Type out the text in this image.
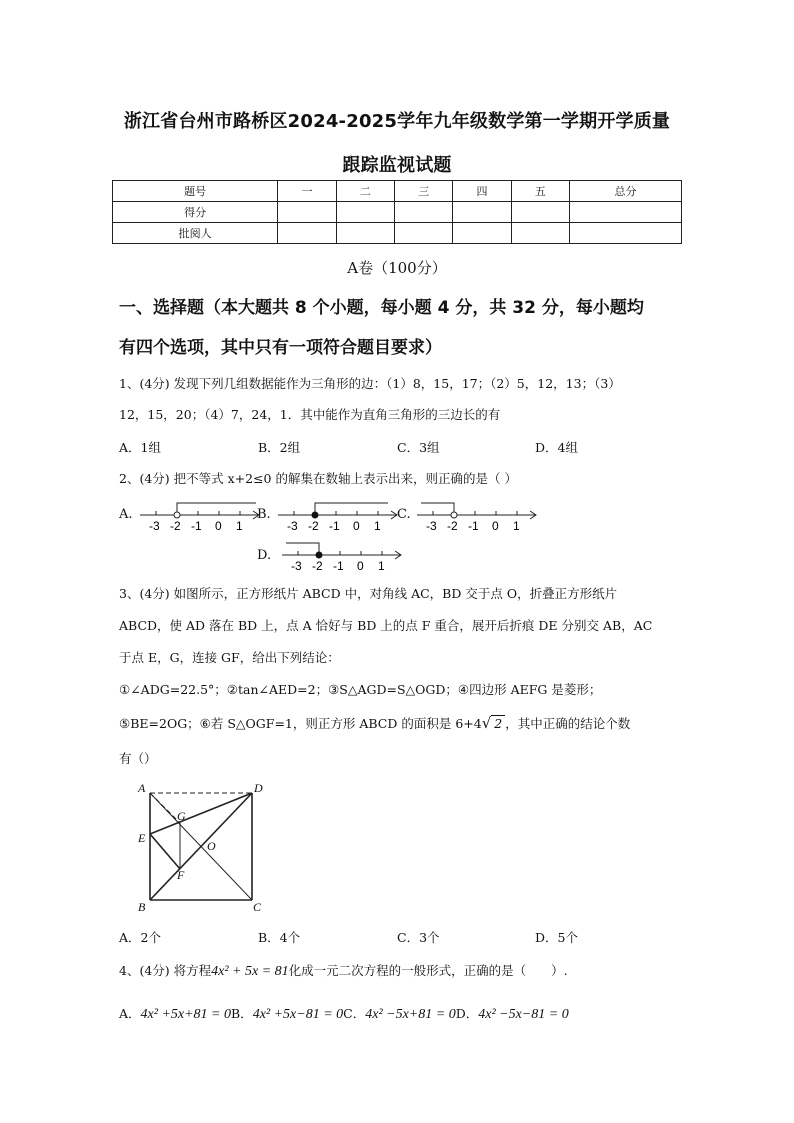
浙江省台州市路桥区2024-2025学年九年级数学第一学期开学质量
跟踪监视试题
题号	一	二	三	四	五	总分
得分						
批阅人						
A卷（100分）
一、选择题（本大题共 8 个小题，每小题 4 分，共 32 分，每小题均
有四个选项，其中只有一项符合题目要求）
1、(4分) 发现下列几组数据能作为三角形的边：（1）8，15，17；（2）5，12，13；（3）
12，15，20；（4）7，24，1．其中能作为直角三角形的三边长的有
A．1组	B．2组	C．3组	D．4组
2、(4分) 把不等式 x+2≤0 的解集在数轴上表示出来，则正确的是（ ）
A.	B.	C.
D.
-3 -2 -1 0 1	-3 -2 -1 0 1	-3 -2 -1 0 1
-3 -2 -1 0 1
3、(4分) 如图所示，正方形纸片 ABCD 中，对角线 AC，BD 交于点 O，折叠正方形纸片
ABCD，使 AD 落在 BD 上，点 A 恰好与 BD 上的点 F 重合，展开后折痕 DE 分别交 AB，AC
于点 E，G，连接 GF，给出下列结论：
①∠ADG=22.5°；②tan∠AED=2；③S△AGD=S△OGD；④四边形 AEFG 是菱形；
⑤BE=2OG；⑥若 S△OGF=1，则正方形 ABCD 的面积是 6+4√ 2 ，其中正确的结论个数
有（）
A	D
G
E
O
F
B	C
A．2个	B．4个	C．3个	D．5个
4、(4分) 将方程4x² + 5x = 81化成一元二次方程的一般形式，正确的是（　　）.
A．4x² +5x+81 = 0B．4x² +5x−81 = 0C．4x² −5x+81 = 0D．4x² −5x−81 = 0
